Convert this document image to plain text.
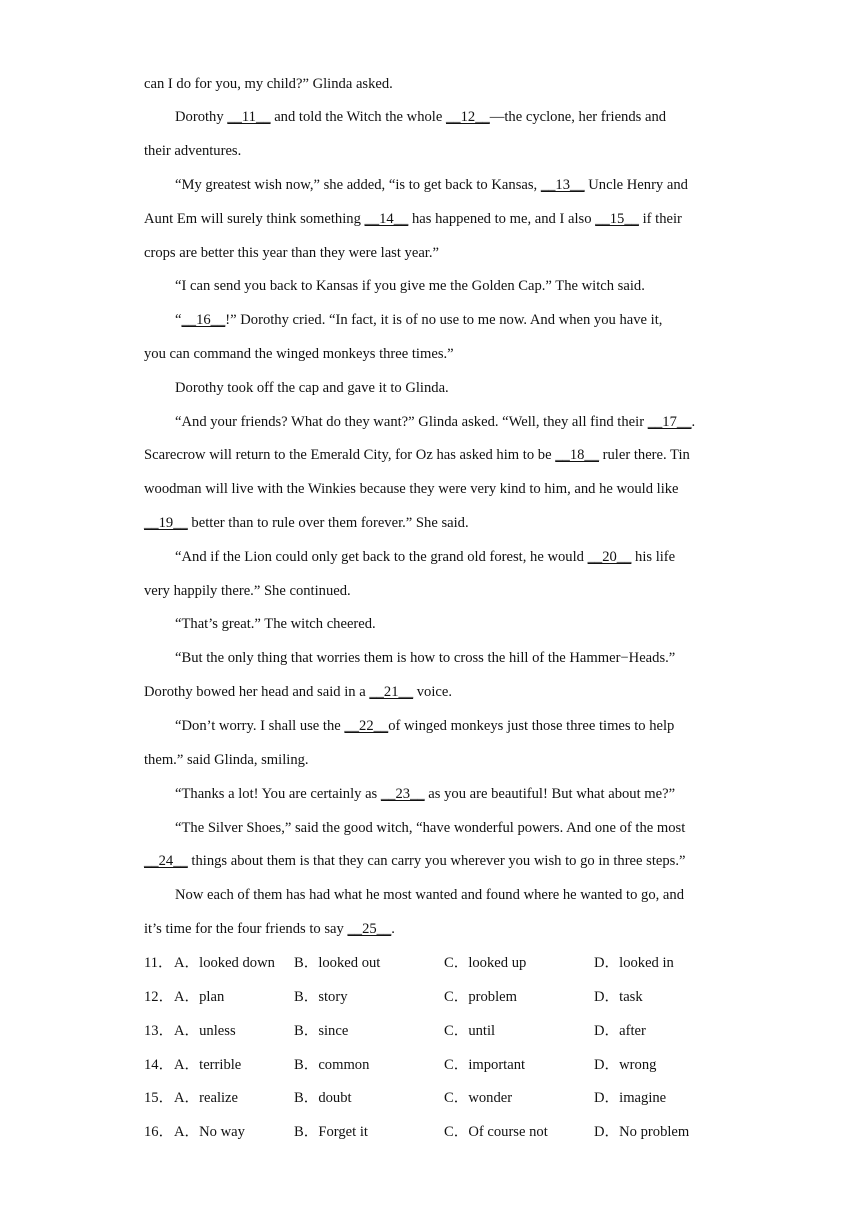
can I do for you, my child?” Glinda asked.
Dorothy __11__ and told the Witch the whole __12__—the cyclone, her friends and
their adventures.
“My greatest wish now,” she added, “is to get back to Kansas, __13__ Uncle Henry and
Aunt Em will surely think something __14__ has happened to me, and I also __15__ if their
crops are better this year than they were last year.”
“I can send you back to Kansas if you give me the Golden Cap.” The witch said.
“__16__!” Dorothy cried. “In fact, it is of no use to me now. And when you have it,
you can command the winged monkeys three times.”
Dorothy took off the cap and gave it to Glinda.
“And your friends? What do they want?” Glinda asked. “Well, they all find their __17__.
Scarecrow will return to the Emerald City, for Oz has asked him to be __18__ ruler there. Tin
woodman will live with the Winkies because they were very kind to him, and he would like
__19__ better than to rule over them forever.” She said.
“And if the Lion could only get back to the grand old forest, he would __20__ his life
very happily there.” She continued.
“That’s great.” The witch cheered.
“But the only thing that worries them is how to cross the hill of the Hammer−Heads.”
Dorothy bowed her head and said in a __21__ voice.
“Don’t worry. I shall use the __22__of winged monkeys just those three times to help
them.” said Glinda, smiling.
“Thanks a lot! You are certainly as __23__ as you are beautiful! But what about me?”
“The Silver Shoes,” said the good witch, “have wonderful powers. And one of the most
__24__ things about them is that they can carry you wherever you wish to go in three steps.”
Now each of them has had what he most wanted and found where he wanted to go, and
it’s time for the four friends to say __25__.
11． A．looked down B．looked out	C．looked up	D．looked in
12． A．plan	B．story	C．problem	D．task
13． A．unless	B．since	C．until	D．after
14． A．terrible	B．common	C．important	D．wrong
15． A．realize	B．doubt	C．wonder	D．imagine
16． A．No way	B．Forget it	C．Of course not	D．No problem
